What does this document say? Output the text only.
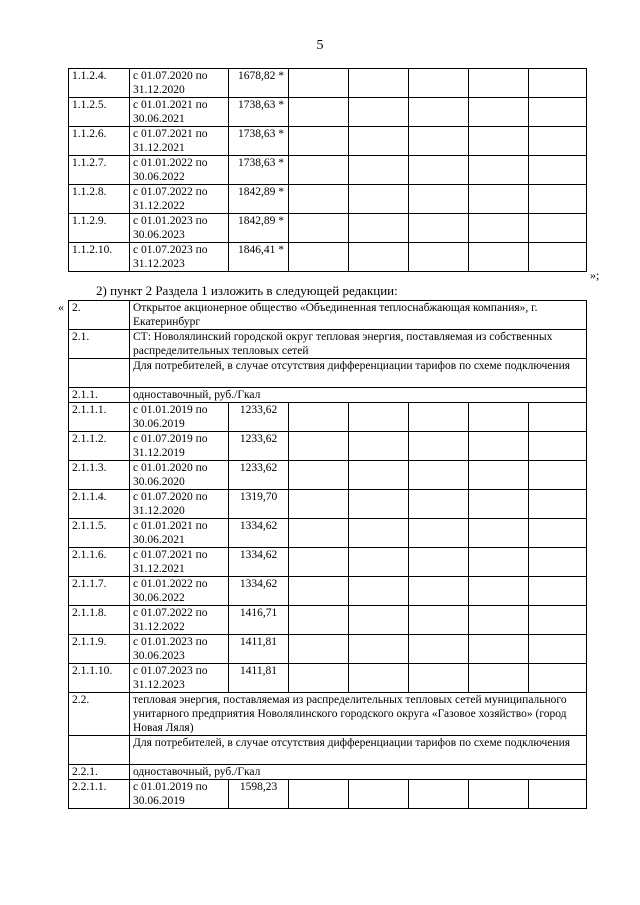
5
1.1.2.4.	с 01.07.2020 по
31.12.2020	1678,82 *					
1.1.2.5.	с 01.01.2021 по
30.06.2021	1738,63 *					
1.1.2.6.	с 01.07.2021 по
31.12.2021	1738,63 *					
1.1.2.7.	с 01.01.2022 по
30.06.2022	1738,63 *					
1.1.2.8.	с 01.07.2022 по
31.12.2022	1842,89 *					
1.1.2.9.	с 01.01.2023 по
30.06.2023	1842,89 *					
1.1.2.10.	с 01.07.2023 по
31.12.2023	1846,41 *					
»;
2) пункт 2 Раздела 1 изложить в следующей редакции:
« 2.	Открытое акционерное общество «Объединенная теплоснабжающая компания», г. Екатеринбург						
2.1.	СТ: Новолялинский городской округ тепловая энергия, поставляемая из собственных распределительных тепловых сетей						
	Для потребителей, в случае отсутствия дифференциации тарифов по схеме подключения						
2.1.1.	одноставочный, руб./Гкал						
2.1.1.1.	с 01.01.2019 по
30.06.2019	1233,62					
2.1.1.2.	с 01.07.2019 по
31.12.2019	1233,62					
2.1.1.3.	с 01.01.2020 по
30.06.2020	1233,62					
2.1.1.4.	с 01.07.2020 по
31.12.2020	1319,70					
2.1.1.5.	с 01.01.2021 по
30.06.2021	1334,62					
2.1.1.6.	с 01.07.2021 по
31.12.2021	1334,62					
2.1.1.7.	с 01.01.2022 по
30.06.2022	1334,62					
2.1.1.8.	с 01.07.2022 по
31.12.2022	1416,71					
2.1.1.9.	с 01.01.2023 по
30.06.2023	1411,81					
2.1.1.10.	с 01.07.2023 по
31.12.2023	1411,81					
2.2.	тепловая энергия, поставляемая из распределительных тепловых сетей муниципального унитарного предприятия Новолялинского городского округа «Газовое хозяйство» (город Новая Ляля)						
	Для потребителей, в случае отсутствия дифференциации тарифов по схеме подключения						
2.2.1.	одноставочный, руб./Гкал						
2.2.1.1.	с 01.01.2019 по
30.06.2019	1598,23					
